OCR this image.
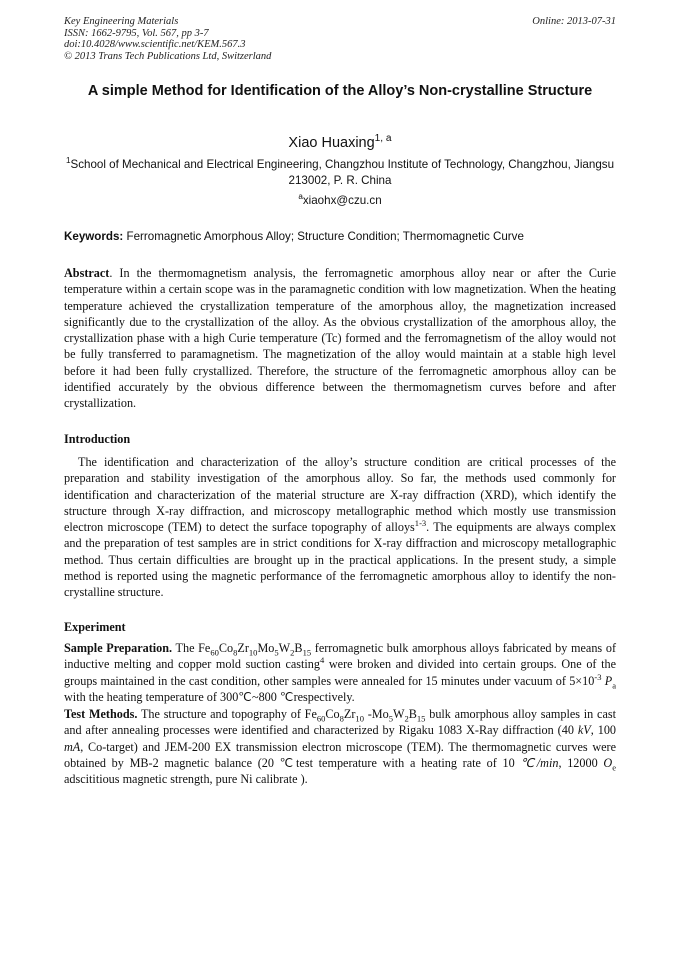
Key Engineering Materials
ISSN: 1662-9795, Vol. 567, pp 3-7
doi:10.4028/www.scientific.net/KEM.567.3
© 2013 Trans Tech Publications Ltd, Switzerland
Online: 2013-07-31
A simple Method for Identification of the Alloy’s Non-crystalline Structure
Xiao Huaxing$^{1, a}$
$^1$School of Mechanical and Electrical Engineering, Changzhou Institute of Technology, Changzhou, Jiangsu 213002, P. R. China
$^a$xiaohx@czu.cn
Keywords: Ferromagnetic Amorphous Alloy; Structure Condition; Thermomagnetic Curve
Abstract. In the thermomagnetism analysis, the ferromagnetic amorphous alloy near or after the Curie temperature within a certain scope was in the paramagnetic condition with low magnetization. When the heating temperature achieved the crystallization temperature of the amorphous alloy, the magnetization increased significantly due to the crystallization of the alloy. As the obvious crystallization of the amorphous alloy, the crystallization phase with a high Curie temperature (Tc) formed and the ferromagnetism of the alloy would not be fully transferred to paramagnetism. The magnetization of the alloy would maintain at a stable high level before it had been fully crystallized. Therefore, the structure of the ferromagnetic amorphous alloy can be identified accurately by the obvious difference between the thermomagnetism curves before and after crystallization.
Introduction
The identification and characterization of the alloy’s structure condition are critical processes of the preparation and stability investigation of the amorphous alloy. So far, the methods used commonly for identification and characterization of the material structure are X-ray diffraction (XRD), which identify the structure through X-ray diffraction, and microscopy metallographic method which mostly use transmission electron microscope (TEM) to detect the surface topography of alloys$^{1-3}$. The equipments are always complex and the preparation of test samples are in strict conditions for X-ray diffraction and microscopy metallographic method. Thus certain difficulties are brought up in the practical applications. In the present study, a simple method is reported using the magnetic performance of the ferromagnetic amorphous alloy to identify the non-crystalline structure.
Experiment
Sample Preparation. The $Fe_{60}Co_8Zr_{10}Mo_5W_2B_{15}$ ferromagnetic bulk amorphous alloys fabricated by means of inductive melting and copper mold suction casting$^4$ were broken and divided into certain groups. One of the groups maintained in the cast condition, other samples were annealed for 15 minutes under vacuum of $5\times 10^{-3}$ $P_a$ with the heating temperature of 300℃~800 ℃respectively.
Test Methods. The structure and topography of $Fe_{60}Co_8Zr_{10}$ $-Mo_5W_2B_{15}$ bulk amorphous alloy samples in cast and after annealing processes were identified and characterized by Rigaku 1083 X-Ray diffraction (40 kV, 100 mA, Co-target) and JEM-200 EX transmission electron microscope (TEM). The thermomagnetic curves were obtained by MB-2 magnetic balance (20 ℃test temperature with a heating rate of 10 ℃/min, 12000 $O_e$ adscititious magnetic strength, pure Ni calibrate ).
